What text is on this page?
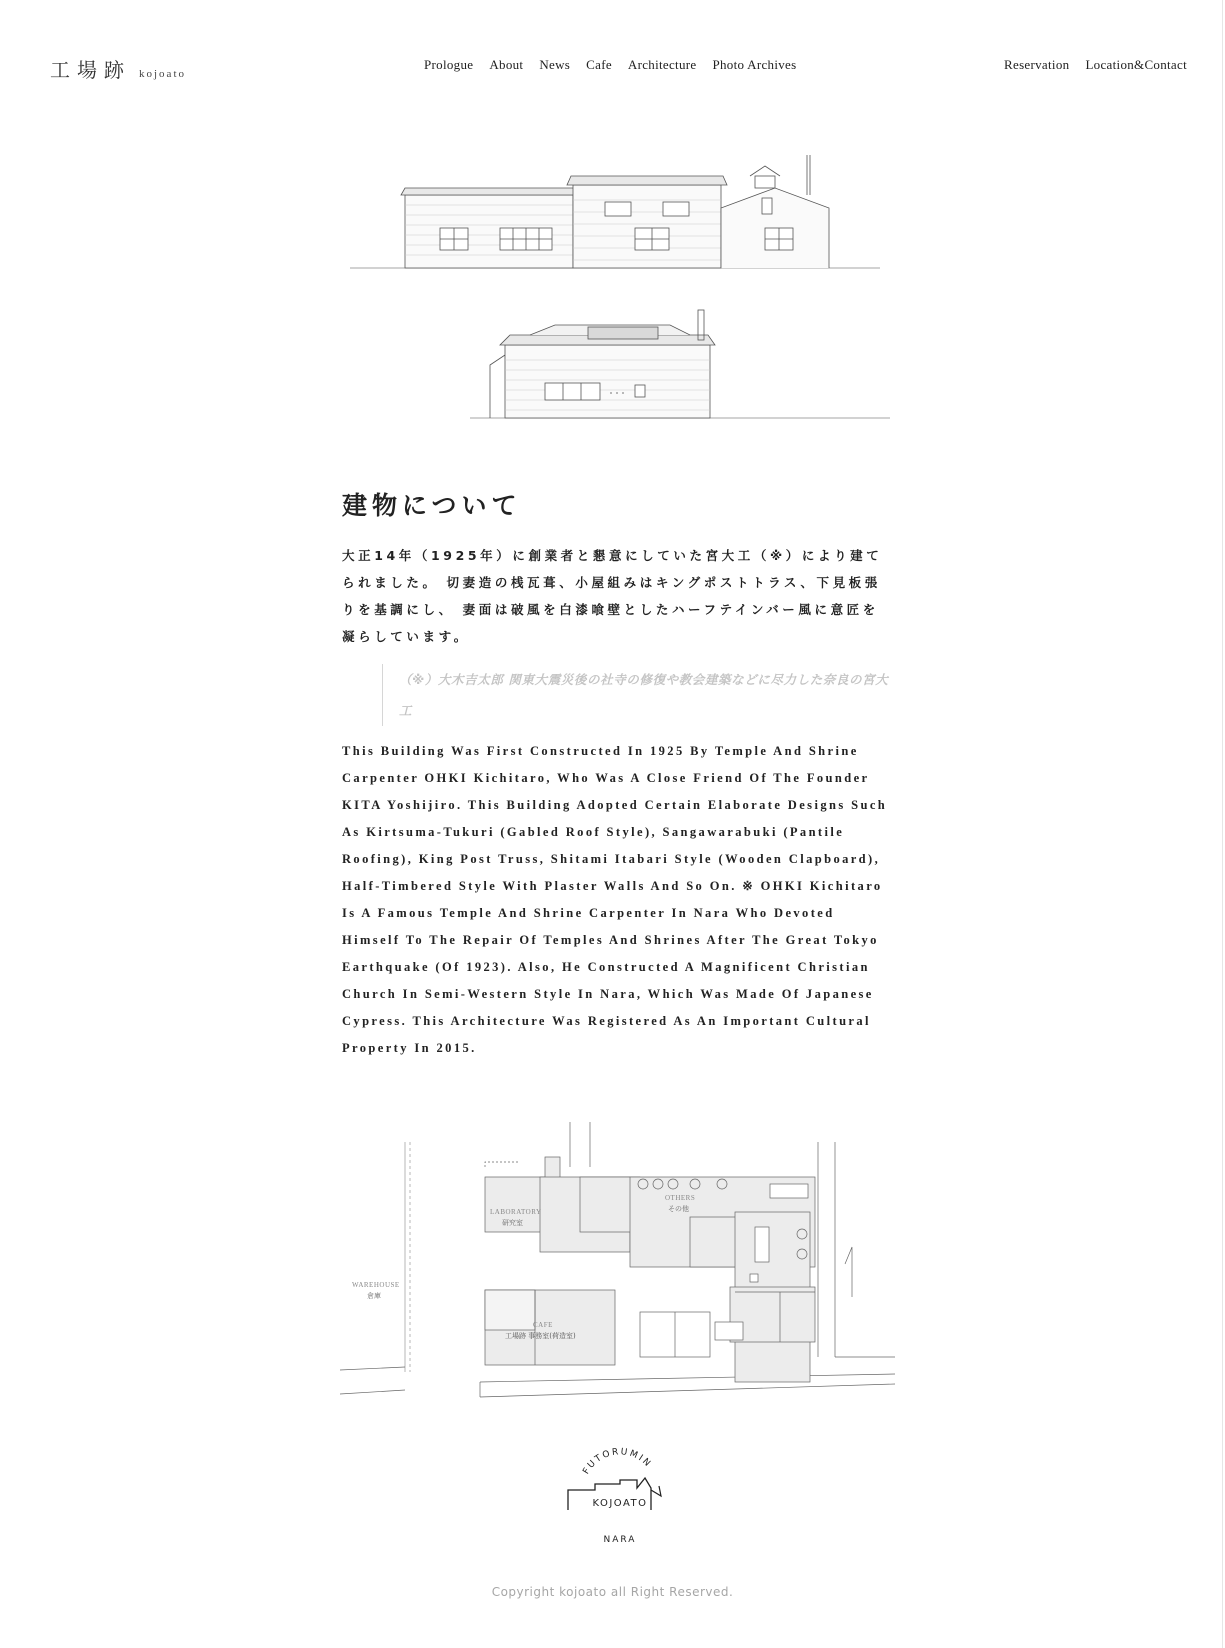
工場跡 kojoato
Prologue About News Cafe Architecture Photo Archives	Reservation Location&Contact
建物について

大正14年（1925年）に創業者と懇意にしていた宮大工（※）により建てられました。 切妻造の桟瓦葺、小屋組みはキングポストトラス、下見板張りを基調にし、 妻面は破風を白漆喰壁としたハーフテインバー風に意匠を凝らしています。

（※）大木吉太郎 関東大震災後の社寺の修復や教会建築などに尽力した奈良の宮大工

This Building Was First Constructed In 1925 By Temple And Shrine Carpenter OHKI Kichitaro, Who Was A Close Friend Of The Founder KITA Yoshijiro. This Building Adopted Certain Elaborate Designs Such As Kirtsuma-Tukuri (Gabled Roof Style), Sangawarabuki (Pantile Roofing), King Post Truss, Shitami Itabari Style (Wooden Clapboard), Half-Timbered Style With Plaster Walls And So On. ※ OHKI Kichitaro Is A Famous Temple And Shrine Carpenter In Nara Who Devoted Himself To The Repair Of Temples And Shrines After The Great Tokyo Earthquake (Of 1923). Also, He Constructed A Magnificent Christian Church In Semi-Western Style In Nara, Which Was Made Of Japanese Cypress. This Architecture Was Registered As An Important Cultural Property In 2015.

LABORATORY
研究室
OTHERS
その他
WAREHOUSE
倉庫
CAFE
工場跡 事務室(荷造室)
FUTORUMIN
KOJOATO
NARA
Copyright kojoato all Right Reserved.
